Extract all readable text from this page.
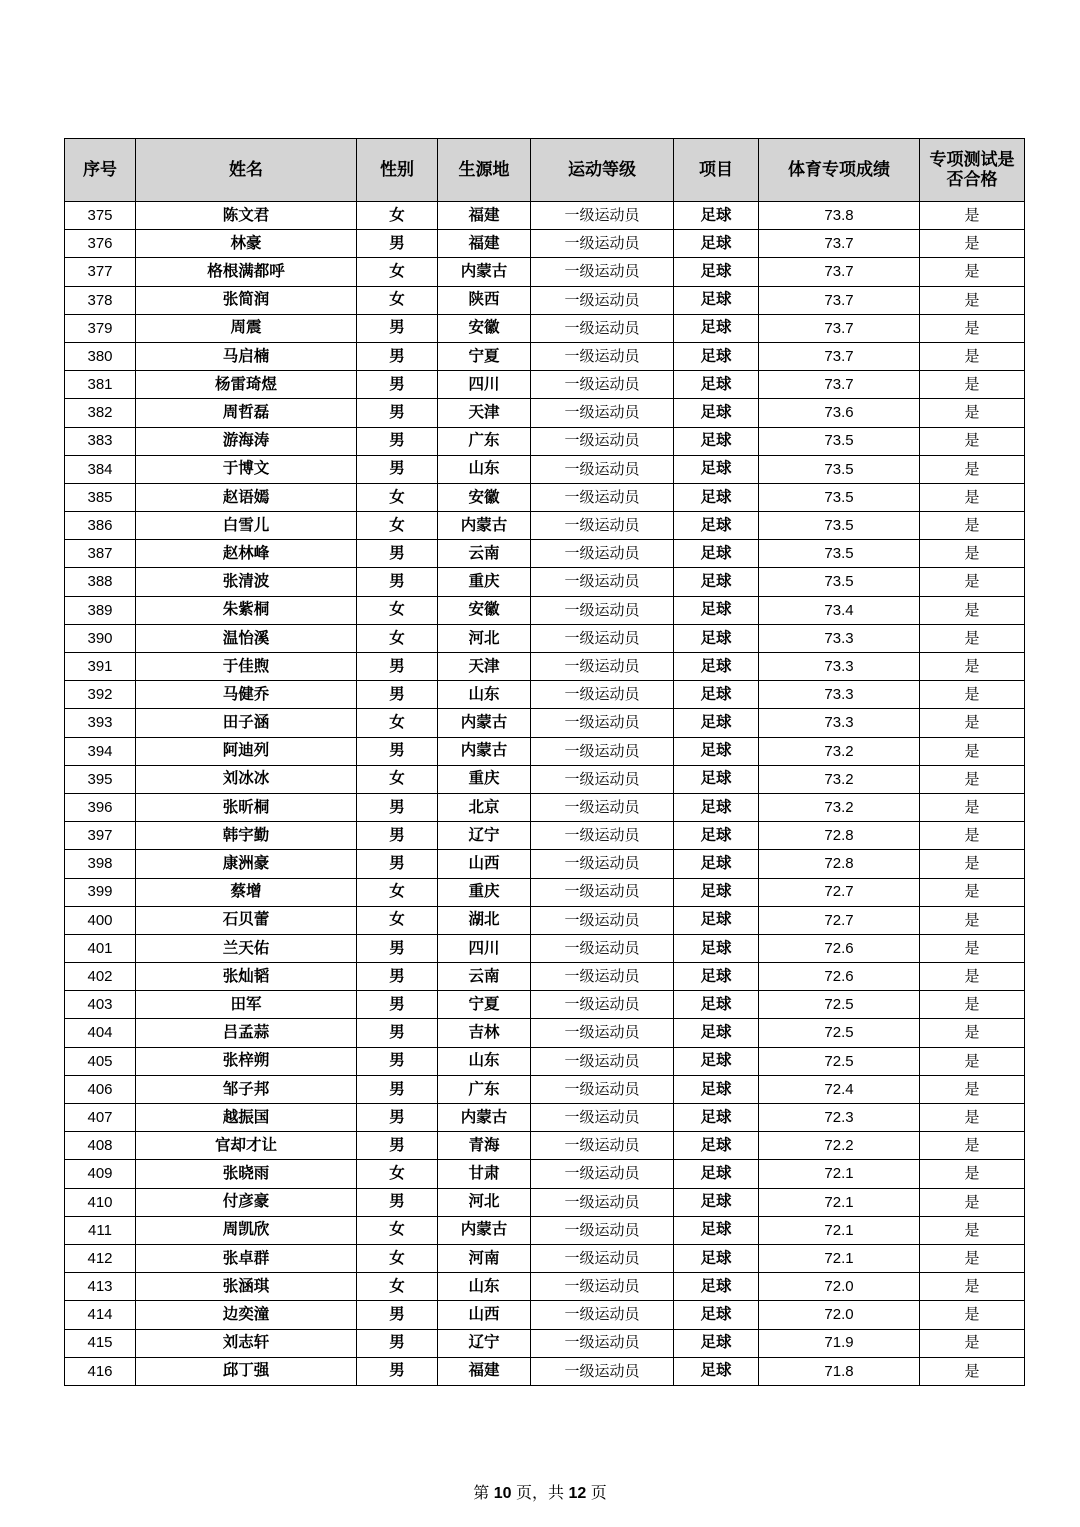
序号	姓名	性别	生源地	运动等级	项目	体育专项成绩	专项测试是否合格

375	陈文君	女	福建	一级运动员	足球	73.8	是
376	林豪	男	福建	一级运动员	足球	73.7	是
377	格根满都呼	女	内蒙古	一级运动员	足球	73.7	是
378	张简润	女	陕西	一级运动员	足球	73.7	是
379	周震	男	安徽	一级运动员	足球	73.7	是
380	马启楠	男	宁夏	一级运动员	足球	73.7	是
381	杨雷琦煜	男	四川	一级运动员	足球	73.7	是
382	周哲磊	男	天津	一级运动员	足球	73.6	是
383	游海涛	男	广东	一级运动员	足球	73.5	是
384	于博文	男	山东	一级运动员	足球	73.5	是
385	赵语嫣	女	安徽	一级运动员	足球	73.5	是
386	白雪儿	女	内蒙古	一级运动员	足球	73.5	是
387	赵林峰	男	云南	一级运动员	足球	73.5	是
388	张清波	男	重庆	一级运动员	足球	73.5	是
389	朱紫桐	女	安徽	一级运动员	足球	73.4	是
390	温怡溪	女	河北	一级运动员	足球	73.3	是
391	于佳煦	男	天津	一级运动员	足球	73.3	是
392	马健乔	男	山东	一级运动员	足球	73.3	是
393	田子涵	女	内蒙古	一级运动员	足球	73.3	是
394	阿迪列	男	内蒙古	一级运动员	足球	73.2	是
395	刘冰冰	女	重庆	一级运动员	足球	73.2	是
396	张昕桐	男	北京	一级运动员	足球	73.2	是
397	韩宇勤	男	辽宁	一级运动员	足球	72.8	是
398	康洲豪	男	山西	一级运动员	足球	72.8	是
399	蔡增	女	重庆	一级运动员	足球	72.7	是
400	石贝蕾	女	湖北	一级运动员	足球	72.7	是
401	兰天佑	男	四川	一级运动员	足球	72.6	是
402	张灿韬	男	云南	一级运动员	足球	72.6	是
403	田军	男	宁夏	一级运动员	足球	72.5	是
404	吕孟蒜	男	吉林	一级运动员	足球	72.5	是
405	张梓朔	男	山东	一级运动员	足球	72.5	是
406	邹子邦	男	广东	一级运动员	足球	72.4	是
407	越振国	男	内蒙古	一级运动员	足球	72.3	是
408	官却才让	男	青海	一级运动员	足球	72.2	是
409	张晓雨	女	甘肃	一级运动员	足球	72.1	是
410	付彦豪	男	河北	一级运动员	足球	72.1	是
411	周凯欣	女	内蒙古	一级运动员	足球	72.1	是
412	张卓群	女	河南	一级运动员	足球	72.1	是
413	张涵琪	女	山东	一级运动员	足球	72.0	是
414	边奕潼	男	山西	一级运动员	足球	72.0	是
415	刘志轩	男	辽宁	一级运动员	足球	71.9	是
416	邱丁强	男	福建	一级运动员	足球	71.8	是
第 10 页，共 12 页
